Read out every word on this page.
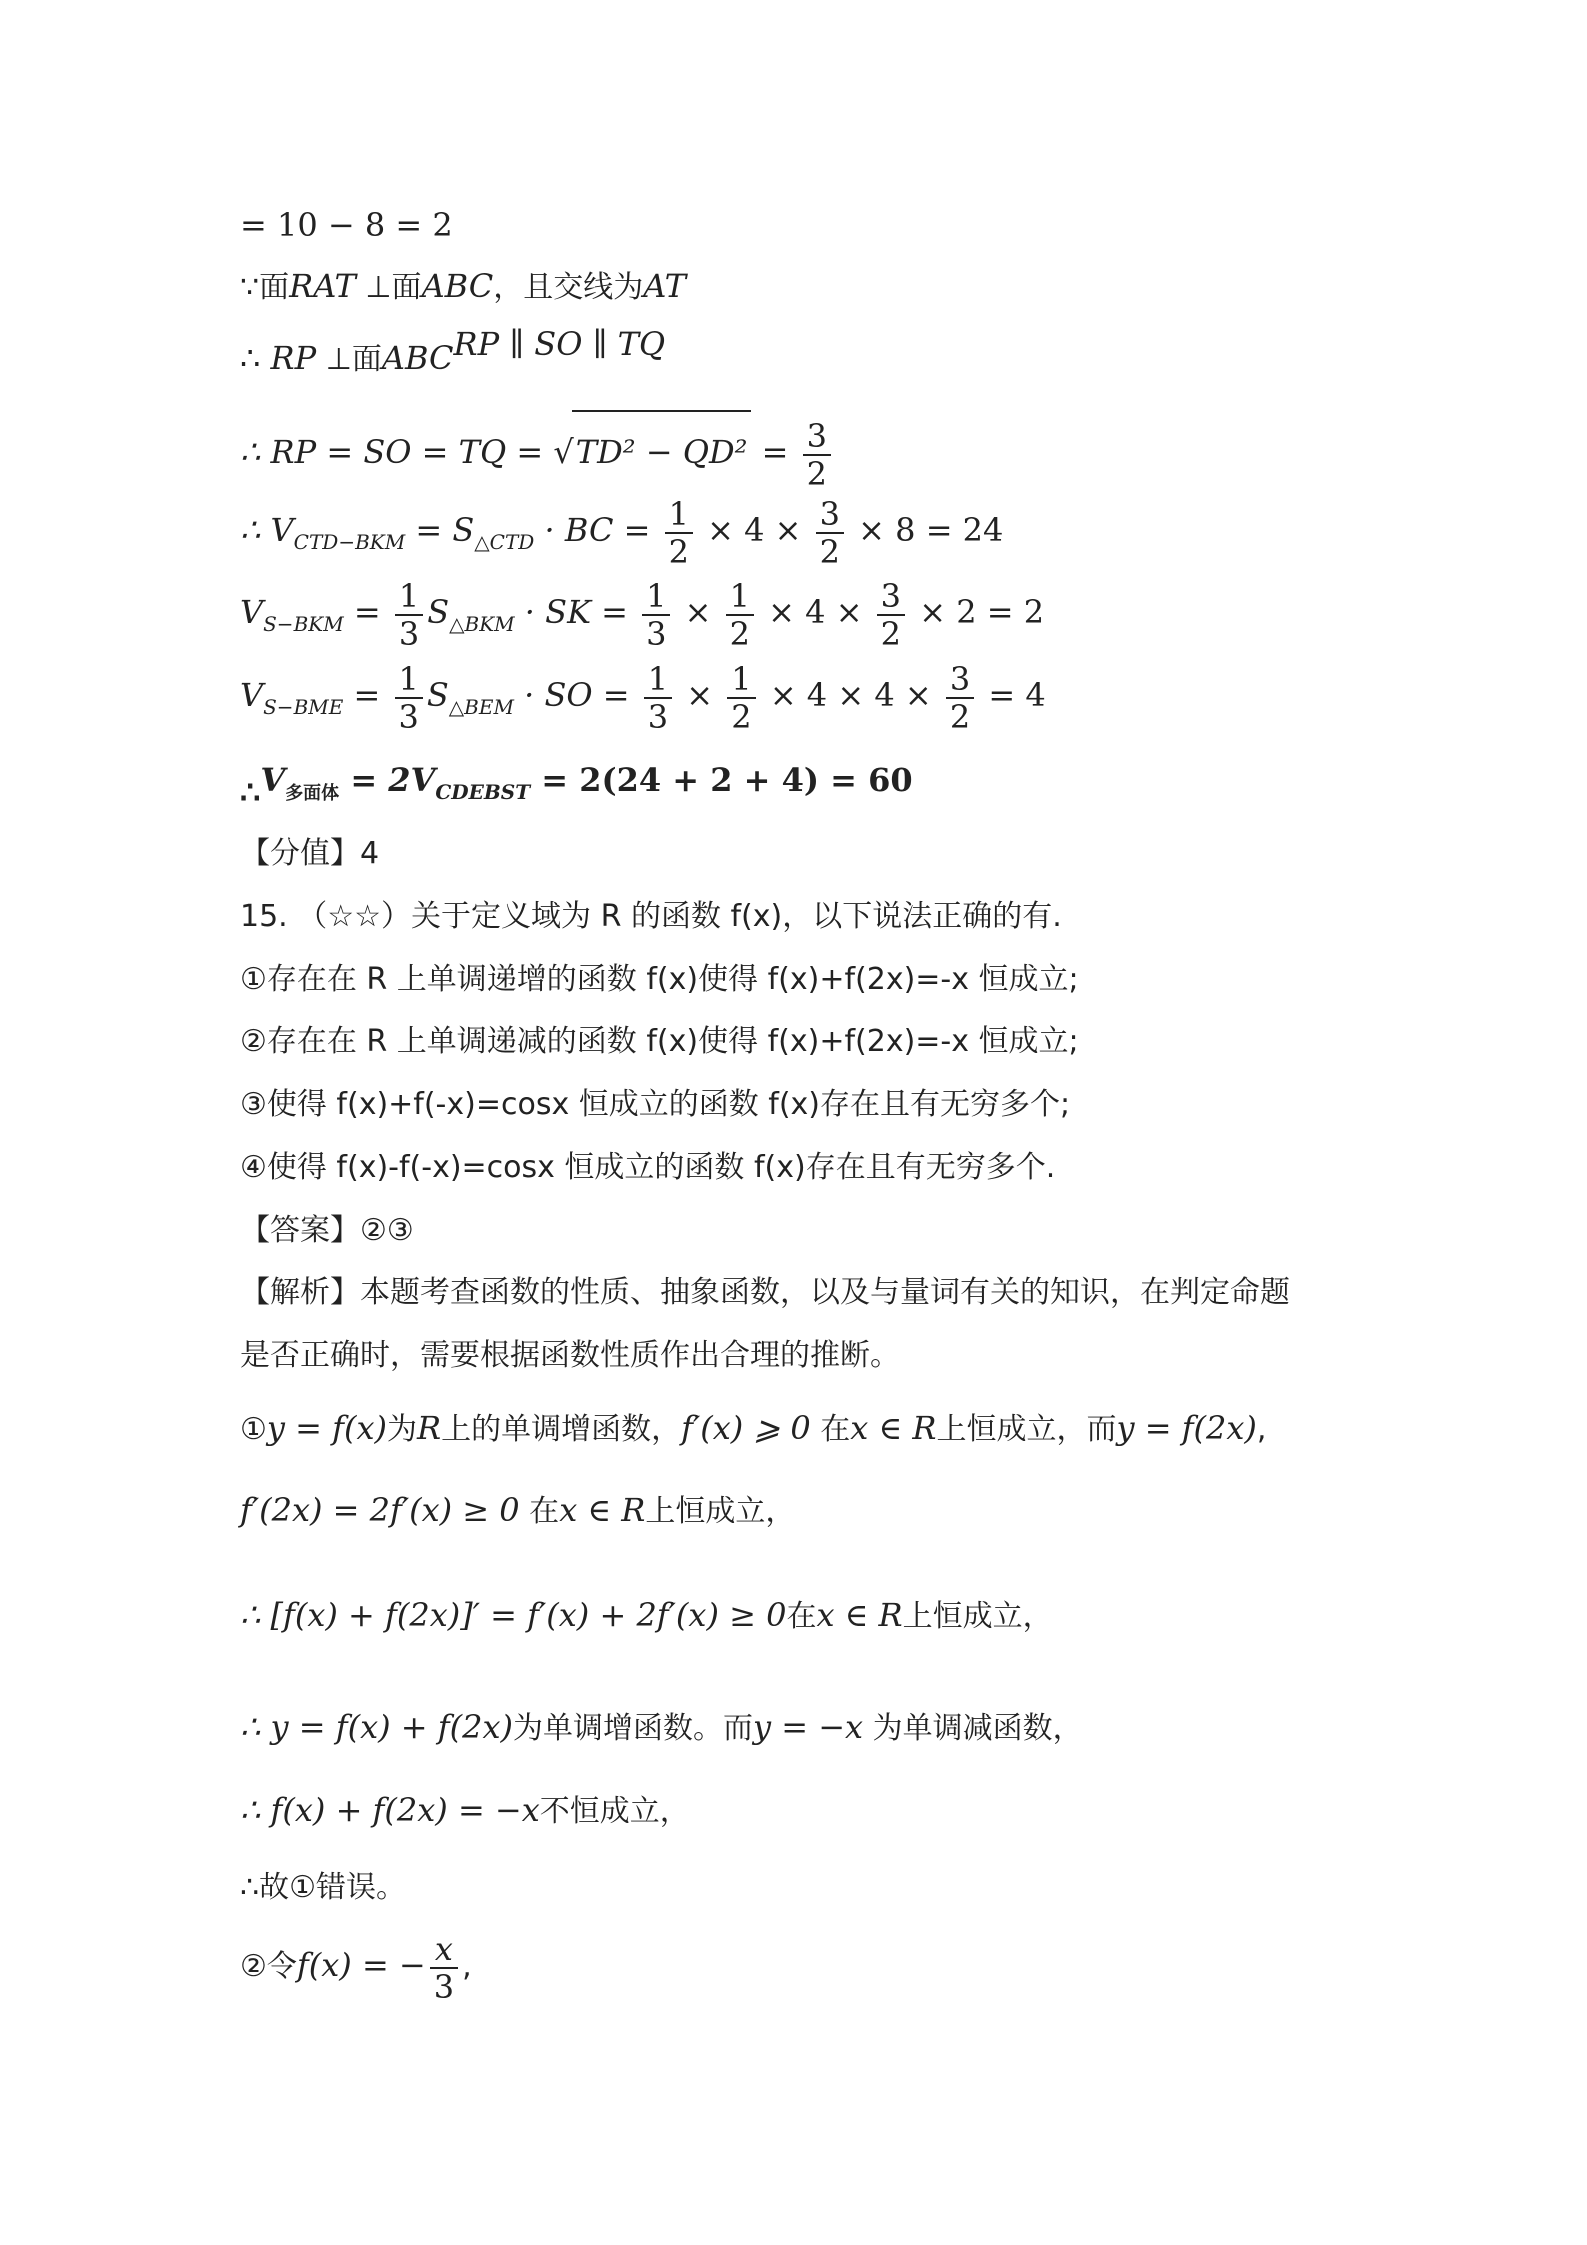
= 10 − 8 = 2
∵面RAT ⊥面ABC，且交线为AT
∴ RP ⊥面ABCRP ∥ SO ∥ TQ
∴ RP = SO = TQ = $√TD^2 - QD^2 = \frac{3}{2}$
∴ $V_{CTD-BKM} = S_{\triangle CTD}$ · BC = $\frac{1}{2} \times 4 \times \frac{3}{2} \times 8 = 24$
$V_{S-BKM} = \frac{1}{3} S_{\triangle BKM}$ · SK = $\frac{1}{3} \times \frac{1}{2} \times 4 \times \frac{3}{2} \times 2 = 2$
$V_{S-BME} = \frac{1}{3} S_{\triangle BEM}$ · SO = $\frac{1}{3} \times \frac{1}{2} \times 4 \times 4 \times \frac{3}{2} = 4$
$\therefore V_{多面体} = 2V_{CDEBST} = 2(24 + 2 + 4) = 60$
【分值】4
15. （☆☆）关于定义域为 R 的函数 f(x)，以下说法正确的有.
①存在在 R 上单调递增的函数 f(x)使得 f(x)+f(2x)=-x 恒成立;
②存在在 R 上单调递减的函数 f(x)使得 f(x)+f(2x)=-x 恒成立;
③使得 f(x)+f(-x)=cosx 恒成立的函数 f(x)存在且有无穷多个;
④使得 f(x)-f(-x)=cosx 恒成立的函数 f(x)存在且有无穷多个.
【答案】②③
【解析】本题考查函数的性质、抽象函数，以及与量词有关的知识，在判定命题
是否正确时，需要根据函数性质作出合理的推断。
①y = f(x)为R上的单调增函数，f′(x) ⩾ 0 在x ∈ R上恒成立，而y = f(2x),
f′(2x) = 2f′(x) ≥ 0 在x ∈ R上恒成立，
∴ [f(x) + f(2x)]′ = f′(x) + 2f′(x) ≥ 0在x ∈ R上恒成立，
∴ y = f(x) + f(2x)为单调增函数。而y = −x 为单调减函数，
∴ f(x) + f(2x) = −x不恒成立，
∴故①错误。
②令f(x) = − $\frac{x}{3}$ ,
